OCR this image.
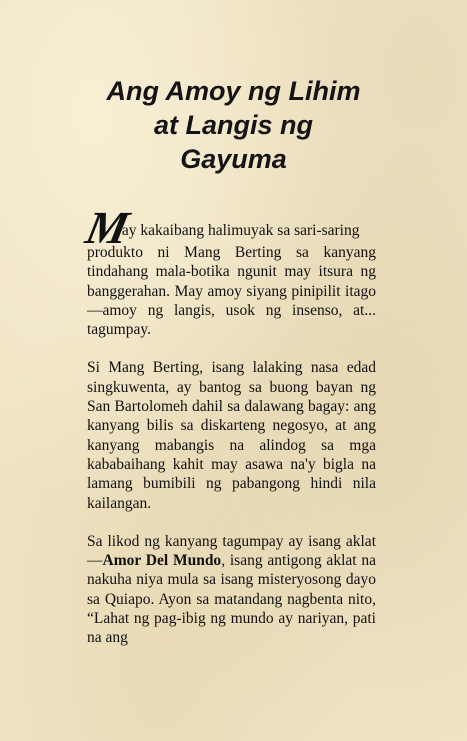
Ang Amoy ng Lihim
at Langis ng
Gayuma
May kakaibang halimuyak sa sari-saring

produkto ni Mang Berting sa kanyang tindahang mala-botika ngunit may itsura ng banggerahan. May amoy siyang pinipilit itago—amoy ng langis, usok ng insenso, at... tagumpay.

Si Mang Berting, isang lalaking nasa edad singkuwenta, ay bantog sa buong bayan ng San Bartolomeh dahil sa dalawang bagay: ang kanyang bilis sa diskarteng negosyo, at ang kanyang mabangis na alindog sa mga kababaihang kahit may asawa na'y bigla na lamang bumibili ng pabangong hindi nila kailangan.

Sa likod ng kanyang tagumpay ay isang aklat—Amor Del Mundo, isang antigong aklat na nakuha niya mula sa isang misteryosong dayo sa Quiapo. Ayon sa matandang nagbenta nito, “Lahat ng pag-ibig ng mundo ay nariyan, pati na ang
